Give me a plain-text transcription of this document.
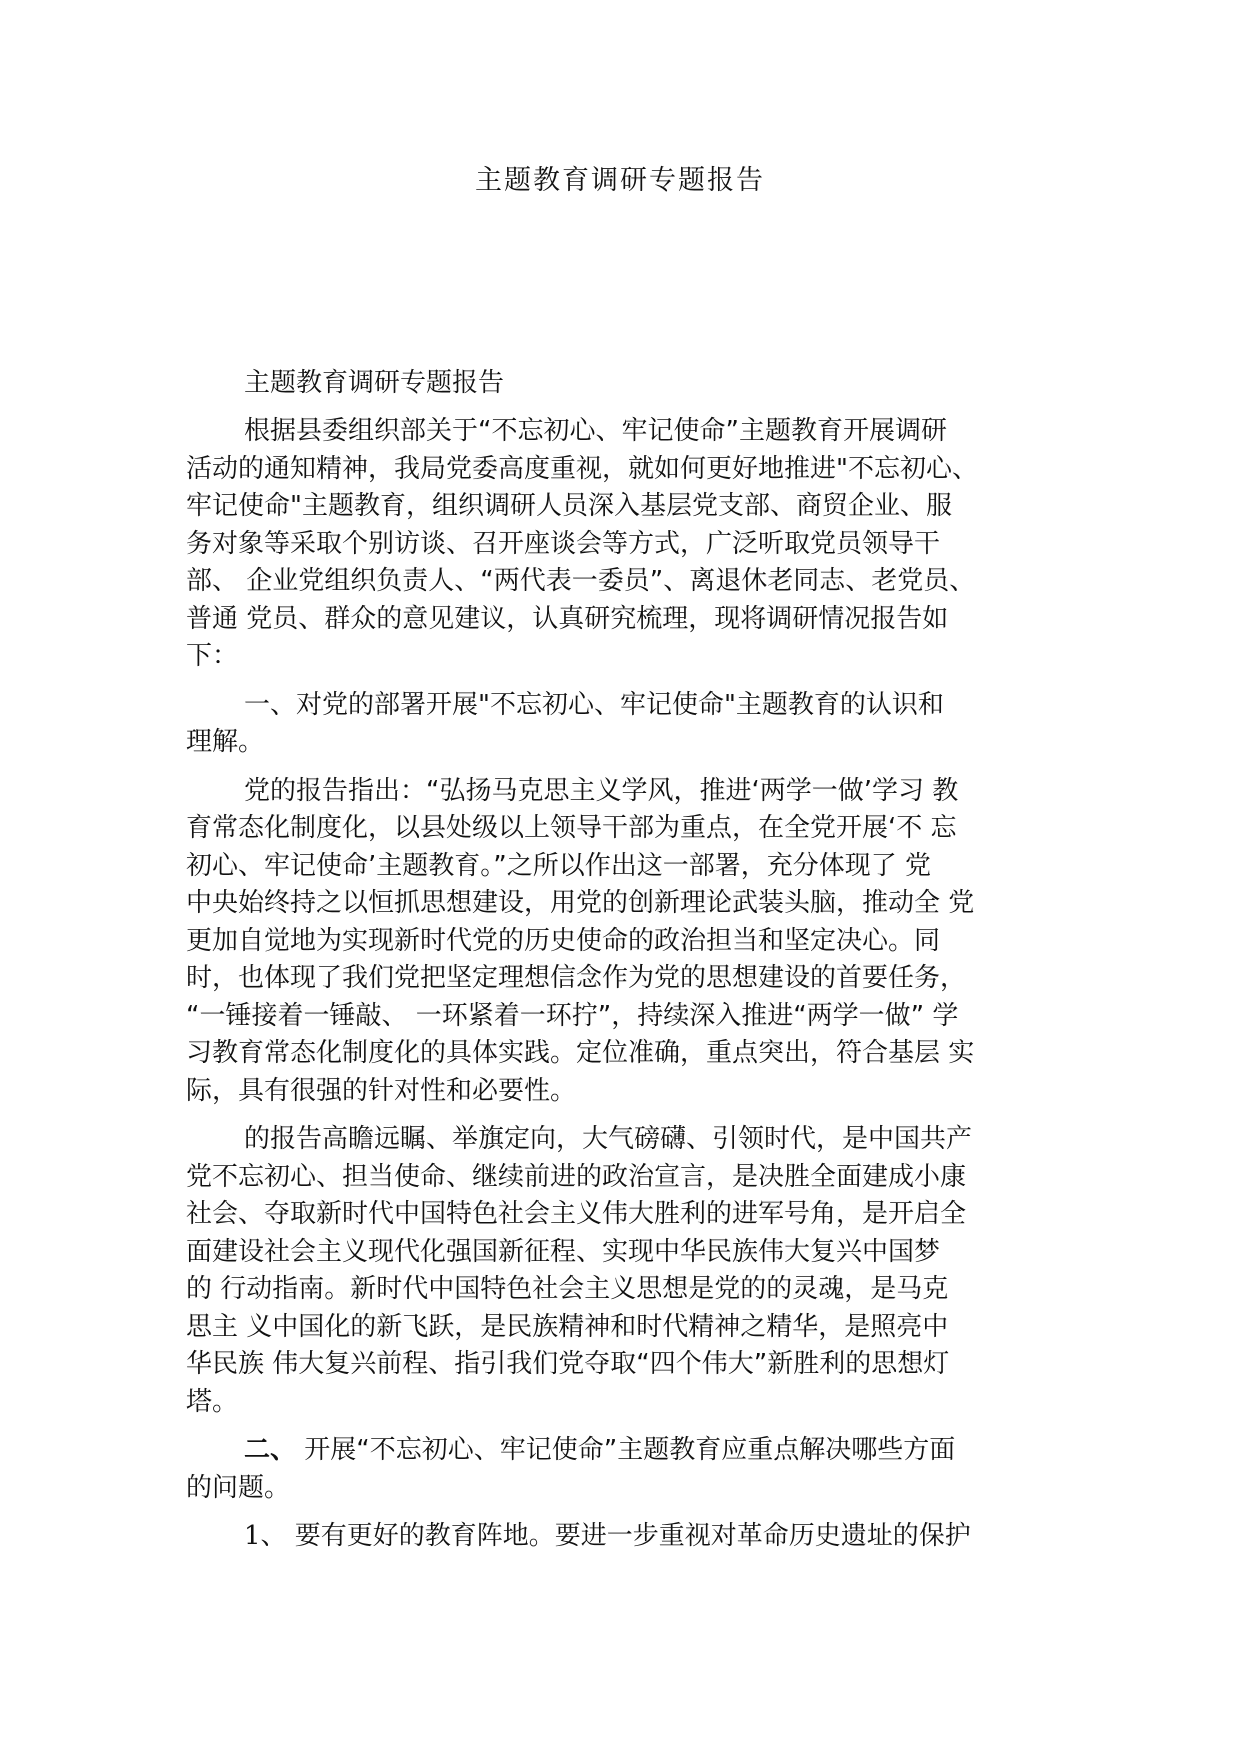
主题教育调研专题报告
主题教育调研专题报告
根据县委组织部关于“不忘初心、牢记使命”主题教育开展调研
活动的通知精神，我局党委高度重视，就如何更好地推进"不忘初心、
牢记使命"主题教育，组织调研人员深入基层党支部、商贸企业、服
务对象等采取个别访谈、召开座谈会等方式，广泛听取党员领导干
部、 企业党组织负责人、“两代表一委员”、离退休老同志、老党员、
普通 党员、群众的意见建议，认真研究梳理，现将调研情况报告如
下：
一、对党的部署开展"不忘初心、牢记使命"主题教育的认识和
理解。
党的报告指出：“弘扬马克思主义学风，推进‘两学一做’学习 教
育常态化制度化，以县处级以上领导干部为重点，在全党开展‘不 忘
初心、牢记使命’主题教育。”之所以作出这一部署，充分体现了 党
中央始终持之以恒抓思想建设，用党的创新理论武装头脑，推动全 党
更加自觉地为实现新时代党的历史使命的政治担当和坚定决心。同
时，也体现了我们党把坚定理想信念作为党的思想建设的首要任务，
“一锤接着一锤敲、 一环紧着一环拧”，持续深入推进“两学一做” 学
习教育常态化制度化的具体实践。定位准确，重点突出，符合基层 实
际，具有很强的针对性和必要性。
的报告高瞻远瞩、举旗定向，大气磅礴、引领时代，是中国共产
党不忘初心、担当使命、继续前进的政治宣言，是决胜全面建成小康
社会、夺取新时代中国特色社会主义伟大胜利的进军号角，是开启全
面建设社会主义现代化强国新征程、实现中华民族伟大复兴中国梦
的 行动指南。新时代中国特色社会主义思想是党的的灵魂，是马克
思主 义中国化的新飞跃，是民族精神和时代精神之精华，是照亮中
华民族 伟大复兴前程、指引我们党夺取“四个伟大”新胜利的思想灯
塔。
二、 开展“不忘初心、牢记使命”主题教育应重点解决哪些方面
的问题。
1、 要有更好的教育阵地。要进一步重视对革命历史遗址的保护
